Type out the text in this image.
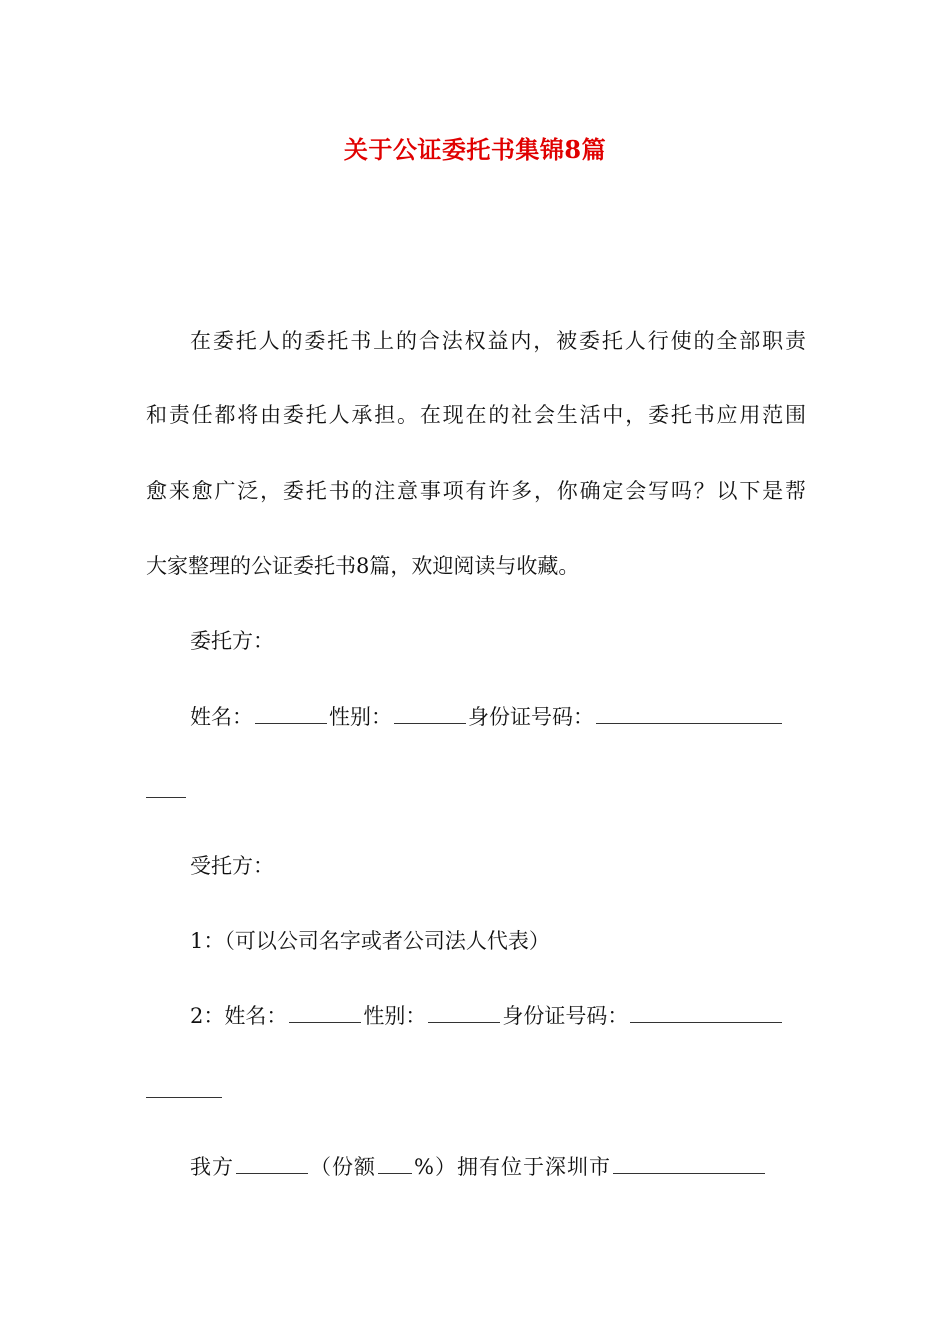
关于公证委托书集锦8篇
在委托人的委托书上的合法权益内，被委托人行使的全部职责
和责任都将由委托人承担。在现在的社会生活中，委托书应用范围
愈来愈广泛，委托书的注意事项有许多，你确定会写吗？以下是帮
大家整理的公证委托书8篇，欢迎阅读与收藏。
委托方：
姓名：	性别：	身份证号码：
受托方：
1：（可以公司名字或者公司法人代表）
2：姓名：	性别：	身份证号码：
我方	（份额 %）拥有位于深圳市
